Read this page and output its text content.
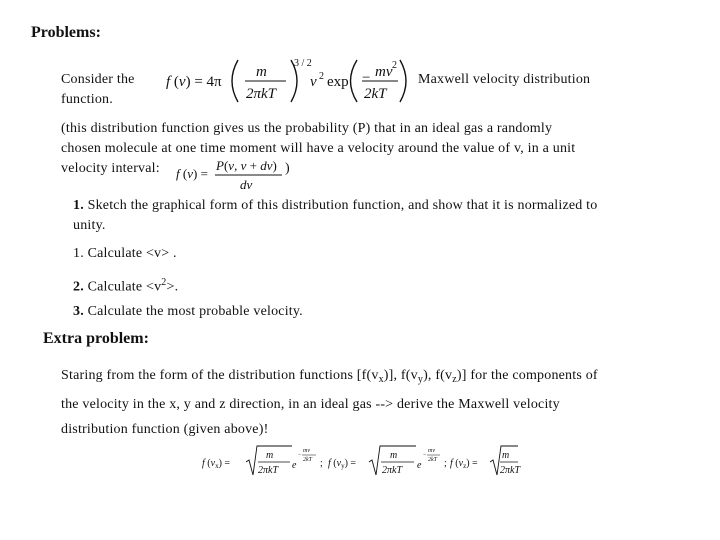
Problems:
Consider the
function.
f (v) = 4π
m
2πkT
3 / 2
v 2 exp − mv 2
2kT
Maxwell velocity distribution
(this distribution function gives us the probability (P) that in an ideal gas a randomly
chosen molecule at one time moment will have a velocity around the value of v, in a unit
velocity interval:	)
f (v) =
P(v, v + dv)
dv
1. Sketch the graphical form of this distribution function, and show that it is normalized to
unity.
1. Calculate <v> .
2. Calculate $<v^2>$.
3. Calculate the most probable velocity.
Extra problem:
Staring from the form of the distribution functions $[f(v_x)]$, $f(v_y)$, $f(v_z)$] for the components of
the velocity in the x, y and z direction, in an ideal gas --> derive the Maxwell velocity
distribution function (given above)!
f $(v_x)$ =
m
2πkT e
−
mv
2kT ; f $(v_y)$ =
m
2πkT e
−
mv
2kT ; f $(v_z)$ =
m
2πkT
